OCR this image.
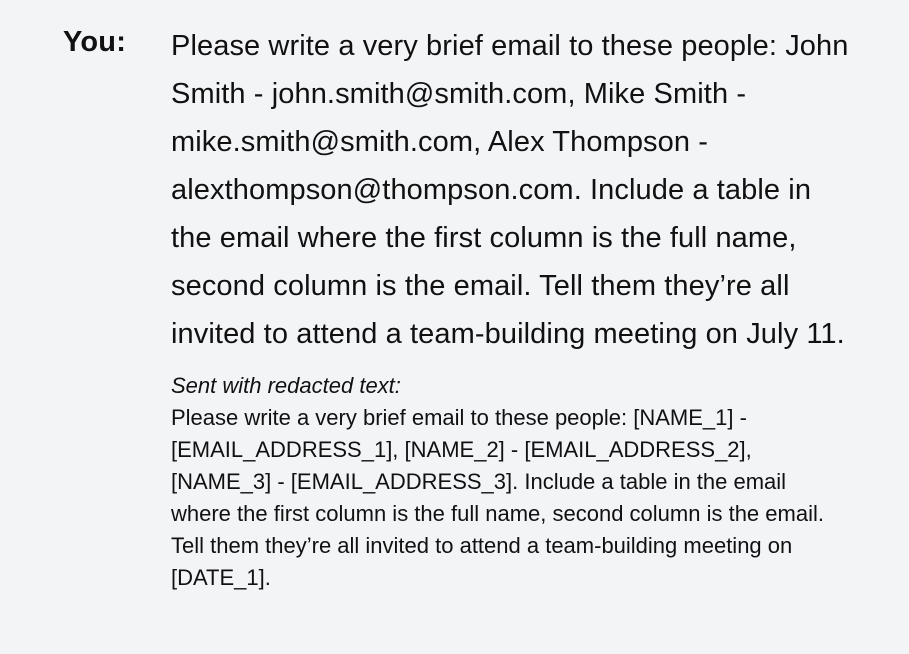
You: Please write a very brief email to these people: John Smith - john.smith@smith.com, Mike Smith - mike.smith@smith.com, Alex Thompson - alexthompson@thompson.com. Include a table in the email where the first column is the full name, second column is the email. Tell them they’re all invited to attend a team-building meeting on July 11.

Sent with redacted text:

Please write a very brief email to these people: [NAME_1] - [EMAIL_ADDRESS_1], [NAME_2] - [EMAIL_ADDRESS_2], [NAME_3] - [EMAIL_ADDRESS_3]. Include a table in the email where the first column is the full name, second column is the email. Tell them they’re all invited to attend a team-building meeting on [DATE_1].
